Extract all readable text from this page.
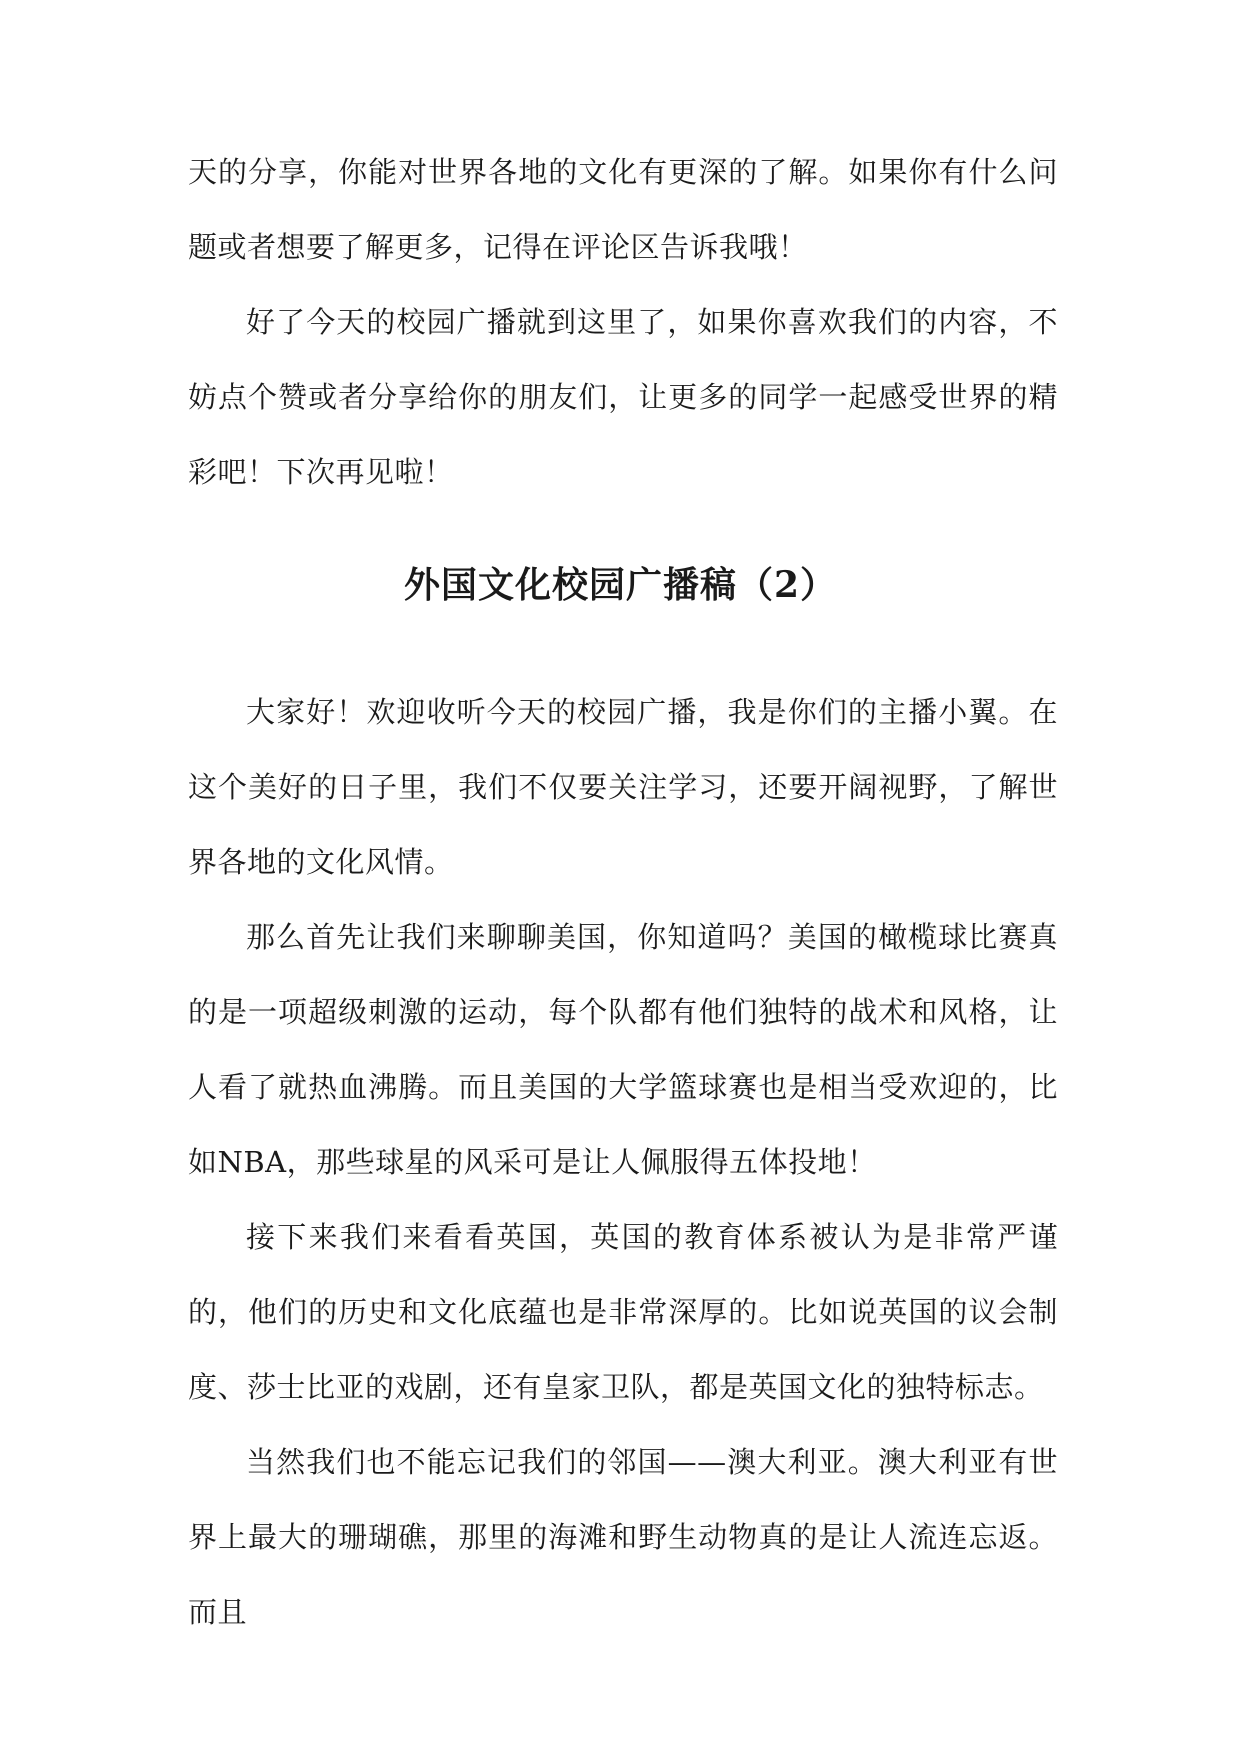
天的分享，你能对世界各地的文化有更深的了解。如果你有什么问题或者想要了解更多，记得在评论区告诉我哦！

好了今天的校园广播就到这里了，如果你喜欢我们的内容，不妨点个赞或者分享给你的朋友们，让更多的同学一起感受世界的精彩吧！下次再见啦！

外国文化校园广播稿（2）

大家好！欢迎收听今天的校园广播，我是你们的主播小翼。在这个美好的日子里，我们不仅要关注学习，还要开阔视野，了解世界各地的文化风情。

那么首先让我们来聊聊美国，你知道吗？美国的橄榄球比赛真的是一项超级刺激的运动，每个队都有他们独特的战术和风格，让人看了就热血沸腾。而且美国的大学篮球赛也是相当受欢迎的，比如NBA，那些球星的风采可是让人佩服得五体投地！

接下来我们来看看英国，英国的教育体系被认为是非常严谨的，他们的历史和文化底蕴也是非常深厚的。比如说英国的议会制度、莎士比亚的戏剧，还有皇家卫队，都是英国文化的独特标志。

当然我们也不能忘记我们的邻国——澳大利亚。澳大利亚有世界上最大的珊瑚礁，那里的海滩和野生动物真的是让人流连忘返。而且
